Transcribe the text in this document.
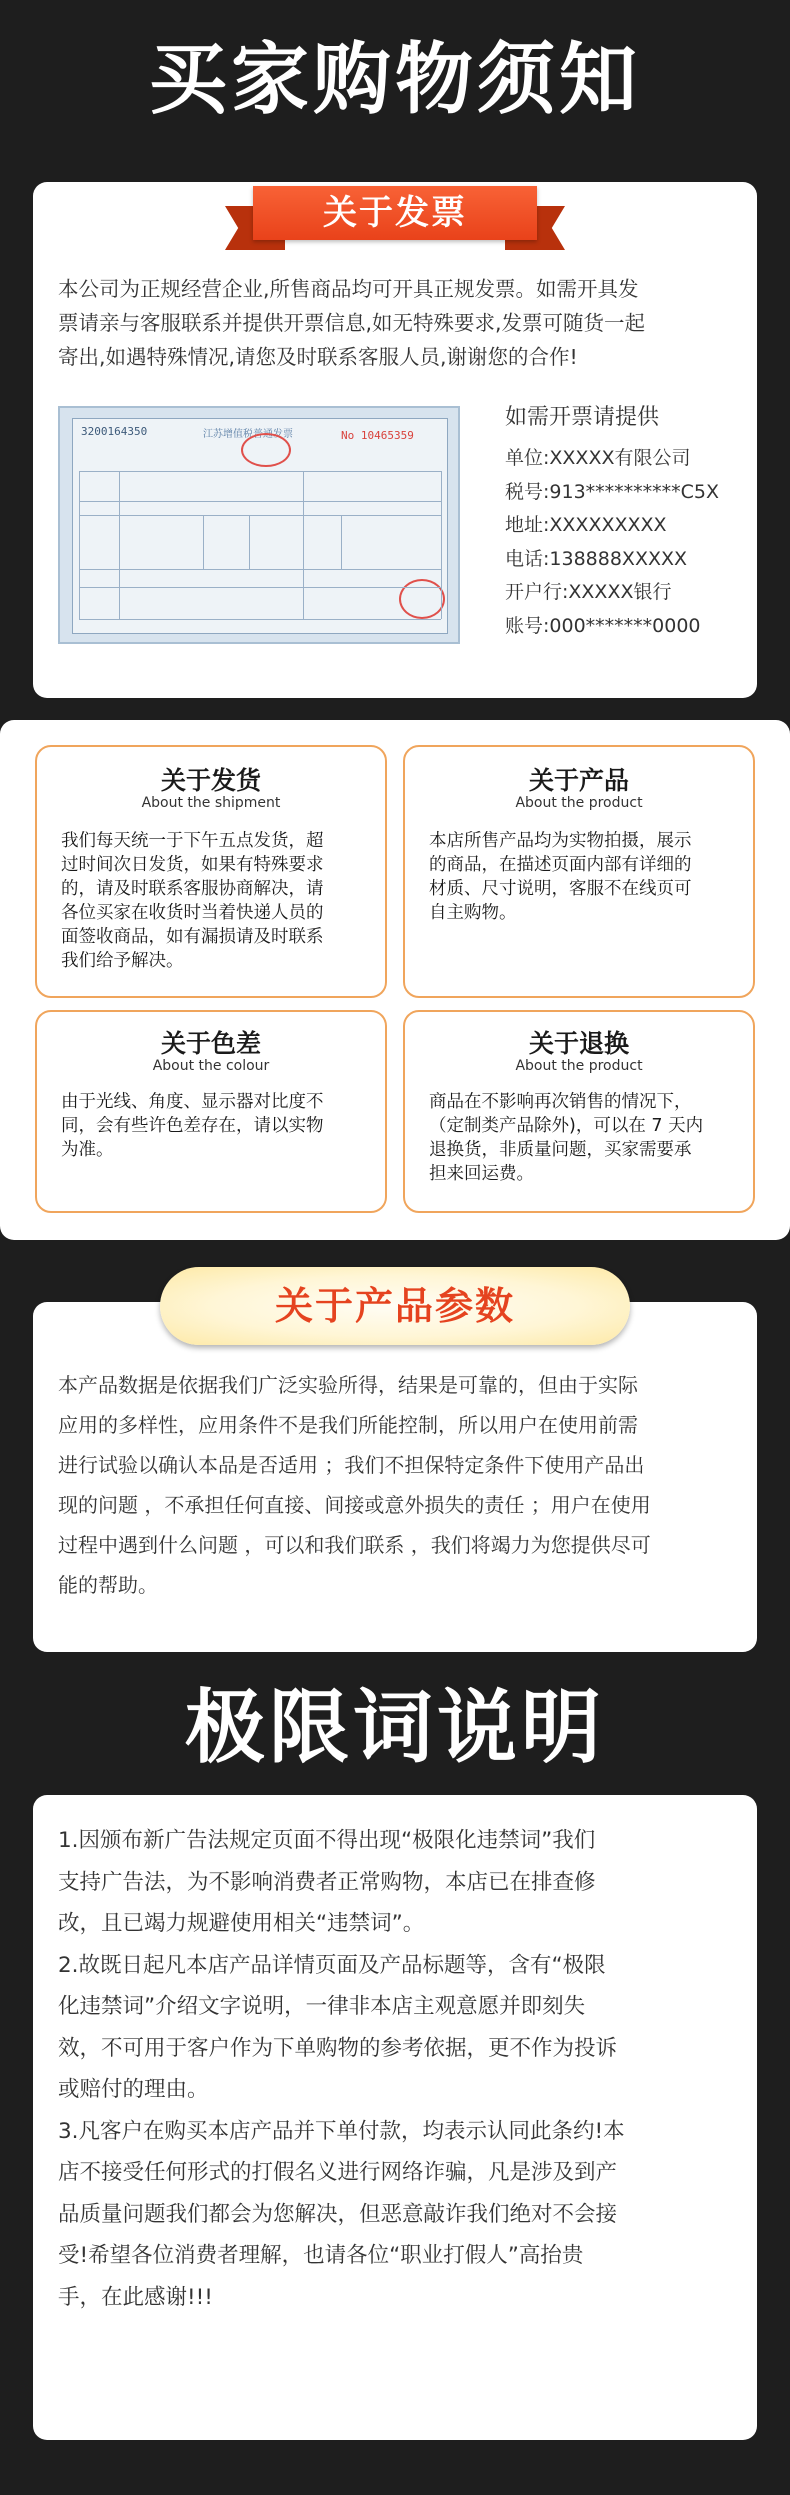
买家购物须知
关于发票
本公司为正规经营企业,所售商品均可开具正规发票。如需开具发
票请亲与客服联系并提供开票信息,如无特殊要求,发票可随货一起
寄出,如遇特殊情况,请您及时联系客服人员,谢谢您的合作!
3200164350	江苏增值税普通发票	No 10465359
如需开票请提供
单位:XXXXX有限公司
税号:913**********C5X
地址:XXXXXXXXX
电话:138888XXXXX
开户行:XXXXX银行
账号:000*******0000
关于发货
About the shipment
我们每天统一于下午五点发货，超
过时间次日发货，如果有特殊要求
的，请及时联系客服协商解决，请
各位买家在收货时当着快递人员的
面签收商品，如有漏损请及时联系
我们给予解决。
关于产品
About the product
本店所售产品均为实物拍摄，展示
的商品，在描述页面内部有详细的
材质、尺寸说明，客服不在线页可
自主购物。
关于色差
About the colour
由于光线、角度、显示器对比度不
同，会有些许色差存在，请以实物
为准。
关于退换
About the product
商品在不影响再次销售的情况下，
（定制类产品除外)，可以在 7 天内
退换货，非质量问题，买家需要承
担来回运费。
关于产品参数
本产品数据是依据我们广泛实验所得，结果是可靠的，但由于实际
应用的多样性，应用条件不是我们所能控制，所以用户在使用前需
进行试验以确认本品是否适用 ；我们不担保特定条件下使用产品出
现的问题 ，不承担任何直接、间接或意外损失的责任 ；用户在使用
过程中遇到什么问题 ，可以和我们联系 ，我们将竭力为您提供尽可
能的帮助。
极限词说明
1.因颁布新广告法规定页面不得出现“极限化违禁词”我们
支持广告法，为不影响消费者正常购物，本店已在排查修
改，且已竭力规避使用相关“违禁词”。
2.故既日起凡本店产品详情页面及产品标题等，含有“极限
化违禁词”介绍文字说明，一律非本店主观意愿并即刻失
效，不可用于客户作为下单购物的参考依据，更不作为投诉
或赔付的理由。
3.凡客户在购买本店产品并下单付款，均表示认同此条约!本
店不接受任何形式的打假名义进行网络诈骗，凡是涉及到产
品质量问题我们都会为您解决，但恶意敲诈我们绝对不会接
受!希望各位消费者理解，也请各位“职业打假人”高抬贵
手，在此感谢!!!
